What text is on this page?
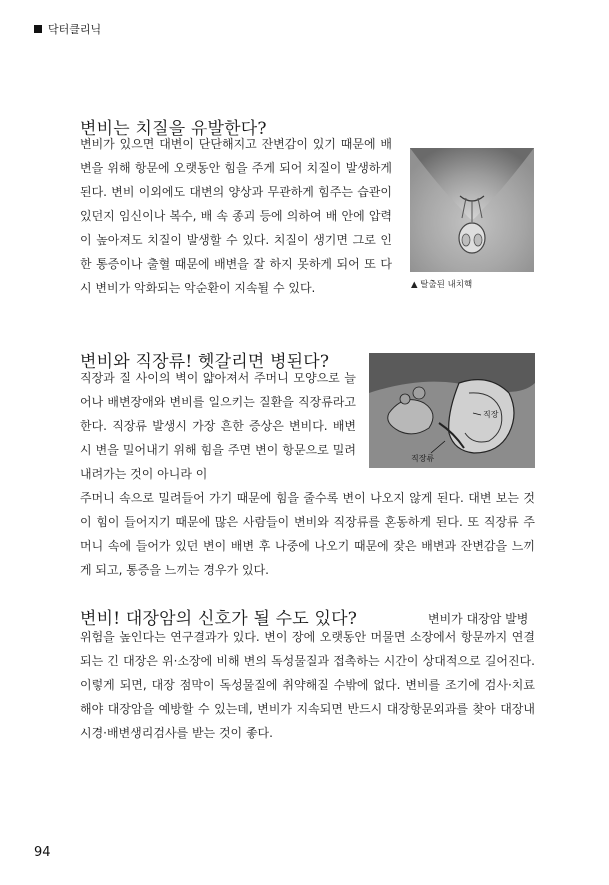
닥터클리닉
변비는 치질을 유발한다?

변비가 있으면 대변이 단단해지고 잔변감이 있기 때문에 배변을 위해 항문에 오랫동안 힘을 주게 되어 치질이 발생하게 된다. 변비 이외에도 대변의 양상과 무관하게 힘주는 습관이 있던지 임신이나 복수, 배 속 종괴 등에 의하여 배 안에 압력이 높아져도 치질이 발생할 수 있다. 치질이 생기면 그로 인한 통증이나 출혈 때문에 배변을 잘 하지 못하게 되어 또 다시 변비가 악화되는 악순환이 지속될 수 있다.	▲ 탈출된 내치핵
변비와 직장류! 헷갈리면 병된다?

직장과 질 사이의 벽이 얇아져서 주머니 모양으로 늘어나 배변장애와 변비를 일으키는 질환을 직장류라고 한다. 직장류 발생시 가장 흔한 증상은 변비다. 배변 시 변을 밀어내기 위해 힘을 주면 변이 항문으로 밀려내려가는 것이 아니라 이

주머니 속으로 밀려들어 가기 때문에 힘을 줄수록 변이 나오지 않게 된다. 대변 보는 것이 힘이 들어지기 때문에 많은 사람들이 변비와 직장류를 혼동하게 된다. 또 직장류 주머니 속에 들어가 있던 변이 배변 후 나중에 나오기 때문에 잦은 배변과 잔변감을 느끼게 되고, 통증을 느끼는 경우가 있다.

직장
직장류
변비! 대장암의 신호가 될 수도 있다?	변비가 대장암 발병

위험을 높인다는 연구결과가 있다. 변이 장에 오랫동안 머물면 소장에서 항문까지 연결되는 긴 대장은 위·소장에 비해 변의 독성물질과 접촉하는 시간이 상대적으로 길어진다. 이렇게 되면, 대장 점막이 독성물질에 취약해질 수밖에 없다. 변비를 조기에 검사·치료해야 대장암을 예방할 수 있는데, 변비가 지속되면 반드시 대장항문외과를 찾아 대장내시경·배변생리검사를 받는 것이 좋다.

94
